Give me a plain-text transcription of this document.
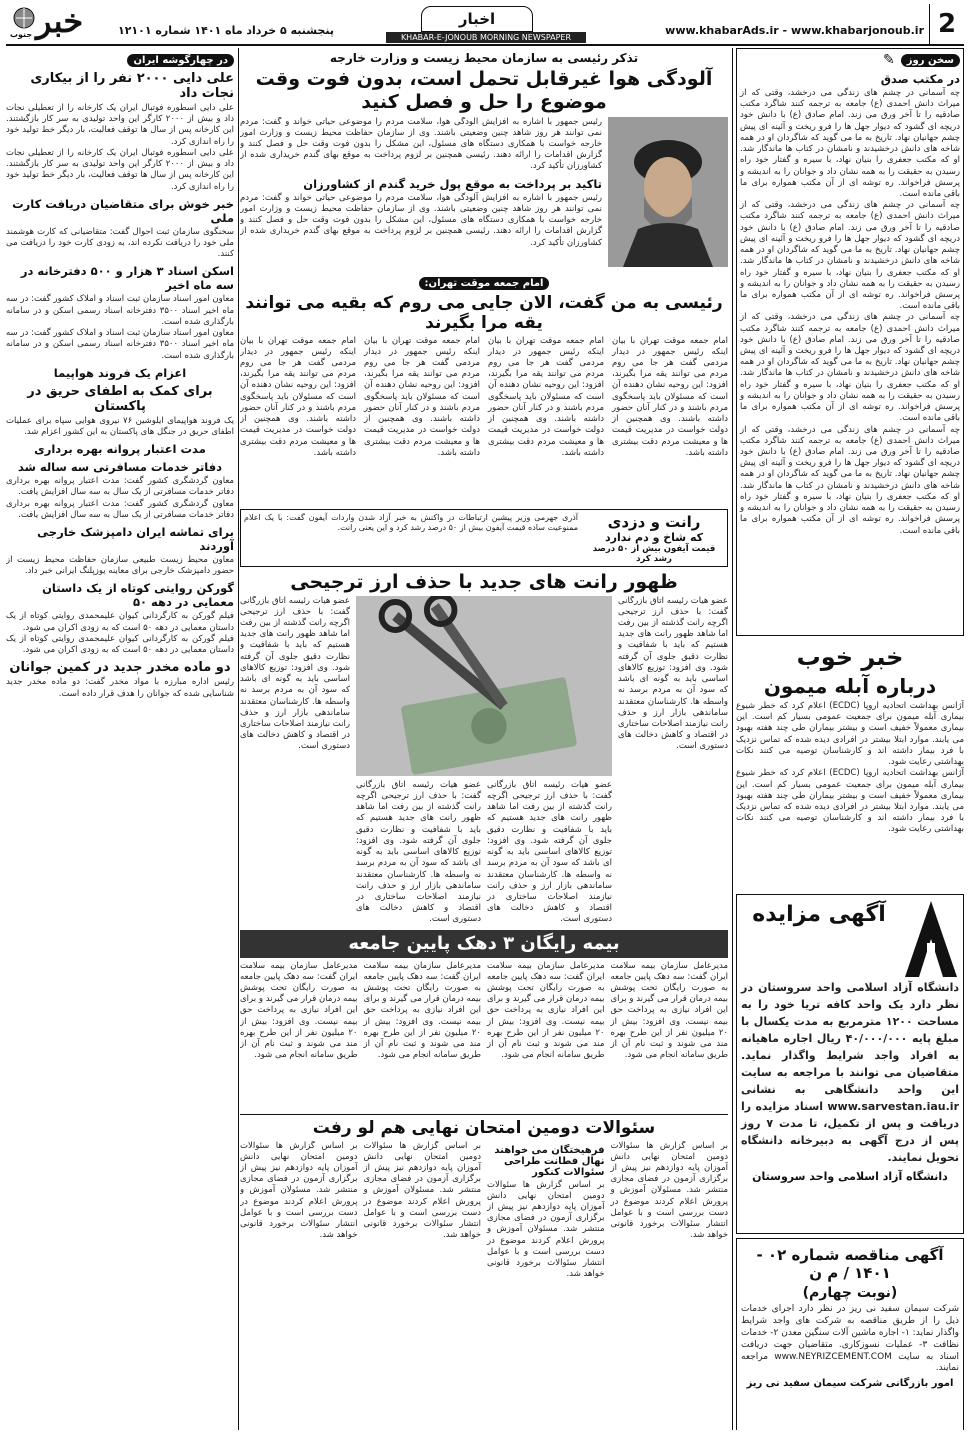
2
www.khabarAds.ir - www.khabarjonoub.ir
اخبار
KHABAR-E-JONOUB MORNING NEWSPAPER
پنجشنبه ۵ خرداد ماه ۱۴۰۱ شماره ۱۲۱۰۱
خبر
جنوب
سخن روز
✎
در مکتب صدق
چه آسمانی در چشم های زندگی می درخشد، وقتی که از میراث دانش احمدی (ع) جامعه به ترجمه کنند شاگرد مکتب صادقیه را تا آخر ورق می زند. امام صادق (ع) با دانش خود دریچه ای گشود که دیوار جهل ها را فرو ریخت و آئینه ای پیش چشم جهانیان نهاد. تاریخ به ما می گوید که شاگردان او در همه شاخه های دانش درخشیدند و نامشان در کتاب ها ماندگار شد. او که مکتب جعفری را بنیان نهاد، با سیره و گفتار خود راه رسیدن به حقیقت را به همه نشان داد و جوانان را به اندیشه و پرسش فراخواند. ره توشه ای از آن مکتب همواره برای ما باقی مانده است.
چه آسمانی در چشم های زندگی می درخشد، وقتی که از میراث دانش احمدی (ع) جامعه به ترجمه کنند شاگرد مکتب صادقیه را تا آخر ورق می زند. امام صادق (ع) با دانش خود دریچه ای گشود که دیوار جهل ها را فرو ریخت و آئینه ای پیش چشم جهانیان نهاد. تاریخ به ما می گوید که شاگردان او در همه شاخه های دانش درخشیدند و نامشان در کتاب ها ماندگار شد. او که مکتب جعفری را بنیان نهاد، با سیره و گفتار خود راه رسیدن به حقیقت را به همه نشان داد و جوانان را به اندیشه و پرسش فراخواند. ره توشه ای از آن مکتب همواره برای ما باقی مانده است.
چه آسمانی در چشم های زندگی می درخشد، وقتی که از میراث دانش احمدی (ع) جامعه به ترجمه کنند شاگرد مکتب صادقیه را تا آخر ورق می زند. امام صادق (ع) با دانش خود دریچه ای گشود که دیوار جهل ها را فرو ریخت و آئینه ای پیش چشم جهانیان نهاد. تاریخ به ما می گوید که شاگردان او در همه شاخه های دانش درخشیدند و نامشان در کتاب ها ماندگار شد. او که مکتب جعفری را بنیان نهاد، با سیره و گفتار خود راه رسیدن به حقیقت را به همه نشان داد و جوانان را به اندیشه و پرسش فراخواند. ره توشه ای از آن مکتب همواره برای ما باقی مانده است.
چه آسمانی در چشم های زندگی می درخشد، وقتی که از میراث دانش احمدی (ع) جامعه به ترجمه کنند شاگرد مکتب صادقیه را تا آخر ورق می زند. امام صادق (ع) با دانش خود دریچه ای گشود که دیوار جهل ها را فرو ریخت و آئینه ای پیش چشم جهانیان نهاد. تاریخ به ما می گوید که شاگردان او در همه شاخه های دانش درخشیدند و نامشان در کتاب ها ماندگار شد. او که مکتب جعفری را بنیان نهاد، با سیره و گفتار خود راه رسیدن به حقیقت را به همه نشان داد و جوانان را به اندیشه و پرسش فراخواند. ره توشه ای از آن مکتب همواره برای ما باقی مانده است.
خبر خوب
درباره آبله میمون
آژانس بهداشت اتحادیه اروپا (ECDC) اعلام کرد که خطر شیوع بیماری آبله میمون برای جمعیت عمومی بسیار کم است. این بیماری معمولاً خفیف است و بیشتر بیماران طی چند هفته بهبود می یابند. موارد ابتلا بیشتر در افرادی دیده شده که تماس نزدیک با فرد بیمار داشته اند و کارشناسان توصیه می کنند نکات بهداشتی رعایت شود.
آژانس بهداشت اتحادیه اروپا (ECDC) اعلام کرد که خطر شیوع بیماری آبله میمون برای جمعیت عمومی بسیار کم است. این بیماری معمولاً خفیف است و بیشتر بیماران طی چند هفته بهبود می یابند. موارد ابتلا بیشتر در افرادی دیده شده که تماس نزدیک با فرد بیمار داشته اند و کارشناسان توصیه می کنند نکات بهداشتی رعایت شود.
آگهی مزایده
دانشگاه آزاد اسلامی واحد سروستان در نظر دارد یک واحد کافه تریا خود را به مساحت ۱۲۰۰ مترمربع به مدت یکسال با مبلغ پایه ۴۰/۰۰۰/۰۰۰ ریال اجاره ماهیانه به افراد واجد شرایط واگذار نماید. متقاضیان می توانند با مراجعه به سایت این واحد دانشگاهی به نشانی www.sarvestan.iau.ir اسناد مزایده را دریافت و پس از تکمیل، تا مدت ۷ روز پس از درج آگهی به دبیرخانه دانشگاه تحویل نمایند.
دانشگاه آزاد اسلامی واحد سروستان
آگهی مناقصه شماره ۰۲ - ۱۴۰۱ / م ن
(نوبت چهارم)
شرکت سیمان سفید نی ریز در نظر دارد اجرای خدمات ذیل را از طریق مناقصه به شرکت های واجد شرایط واگذار نماید: ۱- اجاره ماشین آلات سنگین معدن ۲- خدمات نظافت ۳- عملیات نسوزکاری. متقاضیان جهت دریافت اسناد به سایت www.NEYRIZCEMENT.COM مراجعه نمایند.
امور بازرگانی شرکت سیمان سفید نی ریز
تذکر رئیسی به سازمان محیط زیست و وزارت خارجه
آلودگی هوا غیرقابل تحمل است، بدون فوت وقت موضوع را حل و فصل کنید
رئیس جمهور با اشاره به افزایش آلودگی هوا، سلامت مردم را موضوعی حیاتی خواند و گفت: مردم نمی توانند هر روز شاهد چنین وضعیتی باشند. وی از سازمان حفاظت محیط زیست و وزارت امور خارجه خواست با همکاری دستگاه های مسئول، این مشکل را بدون فوت وقت حل و فصل کنند و گزارش اقدامات را ارائه دهند. رئیسی همچنین بر لزوم پرداخت به موقع بهای گندم خریداری شده از کشاورزان تأکید کرد.
تاکید بر پرداخت به موقع پول خرید گندم از کشاورزان
رئیس جمهور با اشاره به افزایش آلودگی هوا، سلامت مردم را موضوعی حیاتی خواند و گفت: مردم نمی توانند هر روز شاهد چنین وضعیتی باشند. وی از سازمان حفاظت محیط زیست و وزارت امور خارجه خواست با همکاری دستگاه های مسئول، این مشکل را بدون فوت وقت حل و فصل کنند و گزارش اقدامات را ارائه دهند. رئیسی همچنین بر لزوم پرداخت به موقع بهای گندم خریداری شده از کشاورزان تأکید کرد.
امام جمعه موقت تهران:
رئیسی به من گفت، الان جایی می روم که بقیه می توانند یقه مرا بگیرند
امام جمعه موقت تهران با بیان اینکه رئیس جمهور در دیدار مردمی گفت هر جا می روم مردم می توانند یقه مرا بگیرند، افزود: این روحیه نشان دهنده آن است که مسئولان باید پاسخگوی مردم باشند و در کنار آنان حضور داشته باشند. وی همچنین از دولت خواست در مدیریت قیمت ها و معیشت مردم دقت بیشتری داشته باشد.
امام جمعه موقت تهران با بیان اینکه رئیس جمهور در دیدار مردمی گفت هر جا می روم مردم می توانند یقه مرا بگیرند، افزود: این روحیه نشان دهنده آن است که مسئولان باید پاسخگوی مردم باشند و در کنار آنان حضور داشته باشند. وی همچنین از دولت خواست در مدیریت قیمت ها و معیشت مردم دقت بیشتری داشته باشد.
امام جمعه موقت تهران با بیان اینکه رئیس جمهور در دیدار مردمی گفت هر جا می روم مردم می توانند یقه مرا بگیرند، افزود: این روحیه نشان دهنده آن است که مسئولان باید پاسخگوی مردم باشند و در کنار آنان حضور داشته باشند. وی همچنین از دولت خواست در مدیریت قیمت ها و معیشت مردم دقت بیشتری داشته باشد.
امام جمعه موقت تهران با بیان اینکه رئیس جمهور در دیدار مردمی گفت هر جا می روم مردم می توانند یقه مرا بگیرند، افزود: این روحیه نشان دهنده آن است که مسئولان باید پاسخگوی مردم باشند و در کنار آنان حضور داشته باشند. وی همچنین از دولت خواست در مدیریت قیمت ها و معیشت مردم دقت بیشتری داشته باشد.
رانت و دزدی
که شاخ و دم ندارد
قیمت آیفون بیش از ۵۰ درصد رشد کرد
آذری جهرمی وزیر پیشین ارتباطات در واکنش به خبر آزاد شدن واردات آیفون گفت: با یک اعلام ممنوعیت ساده قیمت آیفون بیش از ۵۰ درصد رشد کرد و این یعنی رانت.
ظهور رانت های جدید با حذف ارز ترجیحی
عضو هیات رئیسه اتاق بازرگانی گفت: با حذف ارز ترجیحی اگرچه رانت گذشته از بین رفت اما شاهد ظهور رانت های جدید هستیم که باید با شفافیت و نظارت دقیق جلوی آن گرفته شود. وی افزود: توزیع کالاهای اساسی باید به گونه ای باشد که سود آن به مردم برسد نه واسطه ها. کارشناسان معتقدند ساماندهی بازار ارز و حذف رانت نیازمند اصلاحات ساختاری در اقتصاد و کاهش دخالت های دستوری است.
عضو هیات رئیسه اتاق بازرگانی گفت: با حذف ارز ترجیحی اگرچه رانت گذشته از بین رفت اما شاهد ظهور رانت های جدید هستیم که باید با شفافیت و نظارت دقیق جلوی آن گرفته شود. وی افزود: توزیع کالاهای اساسی باید به گونه ای باشد که سود آن به مردم برسد نه واسطه ها. کارشناسان معتقدند ساماندهی بازار ارز و حذف رانت نیازمند اصلاحات ساختاری در اقتصاد و کاهش دخالت های دستوری است.
عضو هیات رئیسه اتاق بازرگانی گفت: با حذف ارز ترجیحی اگرچه رانت گذشته از بین رفت اما شاهد ظهور رانت های جدید هستیم که باید با شفافیت و نظارت دقیق جلوی آن گرفته شود. وی افزود: توزیع کالاهای اساسی باید به گونه ای باشد که سود آن به مردم برسد نه واسطه ها. کارشناسان معتقدند ساماندهی بازار ارز و حذف رانت نیازمند اصلاحات ساختاری در اقتصاد و کاهش دخالت های دستوری است.
عضو هیات رئیسه اتاق بازرگانی گفت: با حذف ارز ترجیحی اگرچه رانت گذشته از بین رفت اما شاهد ظهور رانت های جدید هستیم که باید با شفافیت و نظارت دقیق جلوی آن گرفته شود. وی افزود: توزیع کالاهای اساسی باید به گونه ای باشد که سود آن به مردم برسد نه واسطه ها. کارشناسان معتقدند ساماندهی بازار ارز و حذف رانت نیازمند اصلاحات ساختاری در اقتصاد و کاهش دخالت های دستوری است.
بیمه رایگان ۳ دهک پایین جامعه
مدیرعامل سازمان بیمه سلامت ایران گفت: سه دهک پایین جامعه به صورت رایگان تحت پوشش بیمه درمان قرار می گیرند و برای این افراد نیازی به پرداخت حق بیمه نیست. وی افزود: بیش از ۲۰ میلیون نفر از این طرح بهره مند می شوند و ثبت نام آن از طریق سامانه انجام می شود.
مدیرعامل سازمان بیمه سلامت ایران گفت: سه دهک پایین جامعه به صورت رایگان تحت پوشش بیمه درمان قرار می گیرند و برای این افراد نیازی به پرداخت حق بیمه نیست. وی افزود: بیش از ۲۰ میلیون نفر از این طرح بهره مند می شوند و ثبت نام آن از طریق سامانه انجام می شود.
مدیرعامل سازمان بیمه سلامت ایران گفت: سه دهک پایین جامعه به صورت رایگان تحت پوشش بیمه درمان قرار می گیرند و برای این افراد نیازی به پرداخت حق بیمه نیست. وی افزود: بیش از ۲۰ میلیون نفر از این طرح بهره مند می شوند و ثبت نام آن از طریق سامانه انجام می شود.
مدیرعامل سازمان بیمه سلامت ایران گفت: سه دهک پایین جامعه به صورت رایگان تحت پوشش بیمه درمان قرار می گیرند و برای این افراد نیازی به پرداخت حق بیمه نیست. وی افزود: بیش از ۲۰ میلیون نفر از این طرح بهره مند می شوند و ثبت نام آن از طریق سامانه انجام می شود.
سئوالات دومین امتحان نهایی هم لو رفت
بر اساس گزارش ها سئوالات دومین امتحان نهایی دانش آموزان پایه دوازدهم نیز پیش از برگزاری آزمون در فضای مجازی منتشر شد. مسئولان آموزش و پرورش اعلام کردند موضوع در دست بررسی است و با عوامل انتشار سئوالات برخورد قانونی خواهد شد.
فرهیختگان می خواهند نهال فطانت طراحی سئوالات کنکور
بر اساس گزارش ها سئوالات دومین امتحان نهایی دانش آموزان پایه دوازدهم نیز پیش از برگزاری آزمون در فضای مجازی منتشر شد. مسئولان آموزش و پرورش اعلام کردند موضوع در دست بررسی است و با عوامل انتشار سئوالات برخورد قانونی خواهد شد.
بر اساس گزارش ها سئوالات دومین امتحان نهایی دانش آموزان پایه دوازدهم نیز پیش از برگزاری آزمون در فضای مجازی منتشر شد. مسئولان آموزش و پرورش اعلام کردند موضوع در دست بررسی است و با عوامل انتشار سئوالات برخورد قانونی خواهد شد.
بر اساس گزارش ها سئوالات دومین امتحان نهایی دانش آموزان پایه دوازدهم نیز پیش از برگزاری آزمون در فضای مجازی منتشر شد. مسئولان آموزش و پرورش اعلام کردند موضوع در دست بررسی است و با عوامل انتشار سئوالات برخورد قانونی خواهد شد.
در چهارگوشه ایران
علی دایی ۲۰۰۰ نفر را از بیکاری نجات داد
علی دایی اسطوره فوتبال ایران یک کارخانه را از تعطیلی نجات داد و بیش از ۲۰۰۰ کارگر این واحد تولیدی به سر کار بازگشتند. این کارخانه پس از سال ها توقف فعالیت، بار دیگر خط تولید خود را راه اندازی کرد.
علی دایی اسطوره فوتبال ایران یک کارخانه را از تعطیلی نجات داد و بیش از ۲۰۰۰ کارگر این واحد تولیدی به سر کار بازگشتند. این کارخانه پس از سال ها توقف فعالیت، بار دیگر خط تولید خود را راه اندازی کرد.
خبر خوش برای متقاضیان دریافت کارت ملی
سخنگوی سازمان ثبت احوال گفت: متقاضیانی که کارت هوشمند ملی خود را دریافت نکرده اند، به زودی کارت خود را دریافت می کنند.
اسکن اسناد ۳ هزار و ۵۰۰ دفترخانه در سه ماه اخیر
معاون امور اسناد سازمان ثبت اسناد و املاک کشور گفت: در سه ماه اخیر اسناد ۳۵۰۰ دفترخانه اسناد رسمی اسکن و در سامانه بارگذاری شده است.
معاون امور اسناد سازمان ثبت اسناد و املاک کشور گفت: در سه ماه اخیر اسناد ۳۵۰۰ دفترخانه اسناد رسمی اسکن و در سامانه بارگذاری شده است.
اعزام یک فروند هواپیما
برای کمک به اطفای حریق در پاکستان
یک فروند هواپیمای ایلوشین ۷۶ نیروی هوایی سپاه برای عملیات اطفای حریق در جنگل های پاکستان به این کشور اعزام شد.
مدت اعتبار پروانه بهره برداری
دفاتر خدمات مسافرتی سه ساله شد
معاون گردشگری کشور گفت: مدت اعتبار پروانه بهره برداری دفاتر خدمات مسافرتی از یک سال به سه سال افزایش یافت.
معاون گردشگری کشور گفت: مدت اعتبار پروانه بهره برداری دفاتر خدمات مسافرتی از یک سال به سه سال افزایش یافت.
برای تماشه ایران دامپزشک خارجی آوردند
معاون محیط زیست طبیعی سازمان حفاظت محیط زیست از حضور دامپزشک خارجی برای معاینه یوزپلنگ ایرانی خبر داد.
گورکن روایتی کوتاه از یک داستان معمایی در دهه ۵۰
فیلم گورکن به کارگردانی کیوان علیمحمدی روایتی کوتاه از یک داستان معمایی در دهه ۵۰ است که به زودی اکران می شود.
فیلم گورکن به کارگردانی کیوان علیمحمدی روایتی کوتاه از یک داستان معمایی در دهه ۵۰ است که به زودی اکران می شود.
دو ماده مخدر جدید در کمین جوانان
رئیس اداره مبارزه با مواد مخدر گفت: دو ماده مخدر جدید شناسایی شده که جوانان را هدف قرار داده است.
